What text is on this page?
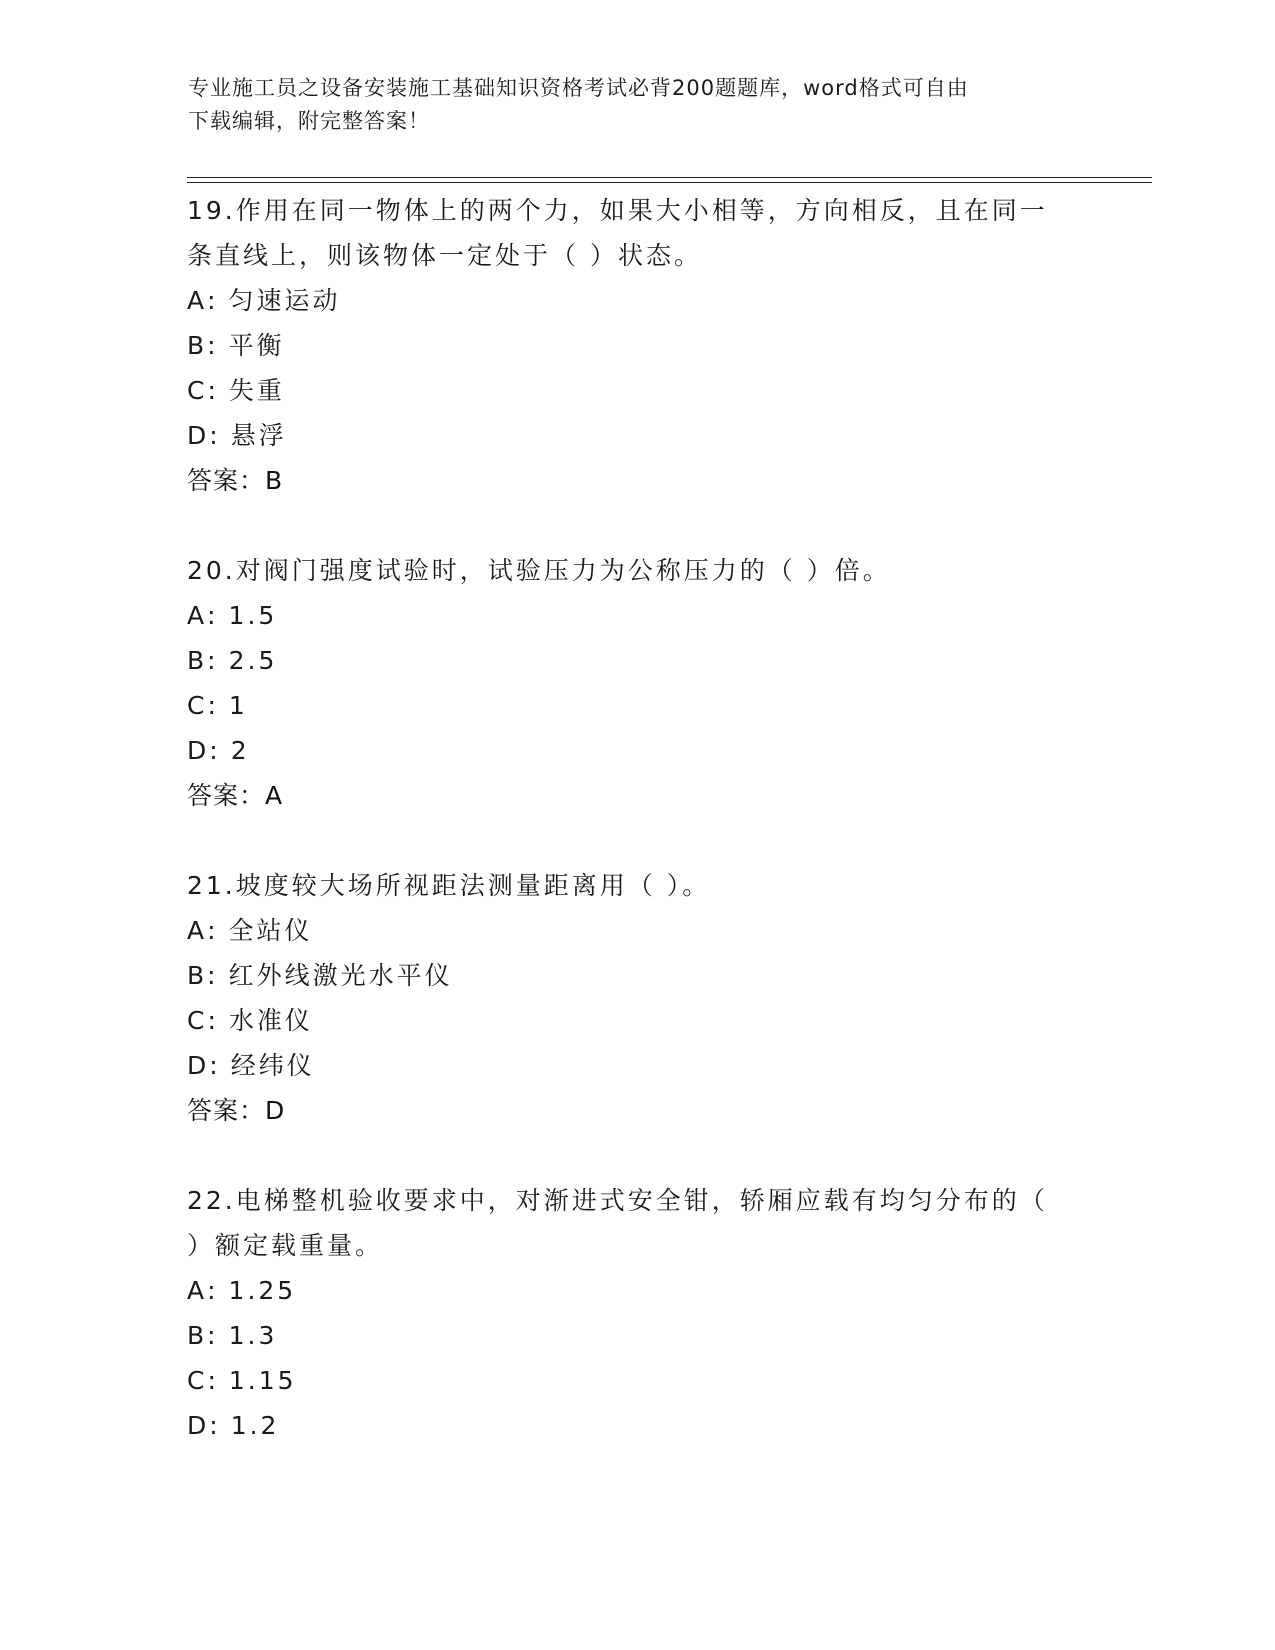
专业施工员之设备安装施工基础知识资格考试必背200题题库，word格式可自由
下载编辑，附完整答案！
19.作用在同一物体上的两个力，如果大小相等，方向相反，且在同一
条直线上，则该物体一定处于（ ）状态。
A : 匀速运动
B : 平衡
C : 失重
D : 悬浮
答案：B
20.对阀门强度试验时，试验压力为公称压力的（ ）倍。
A : 1.5
B : 2.5
C : 1
D : 2
答案：A
21.坡度较大场所视距法测量距离用（ ）。
A : 全站仪
B : 红外线激光水平仪
C : 水准仪
D : 经纬仪
答案：D
22.电梯整机验收要求中，对渐进式安全钳，轿厢应载有均匀分布的（
）额定载重量。
A : 1.25
B : 1.3
C : 1.15
D : 1.2
